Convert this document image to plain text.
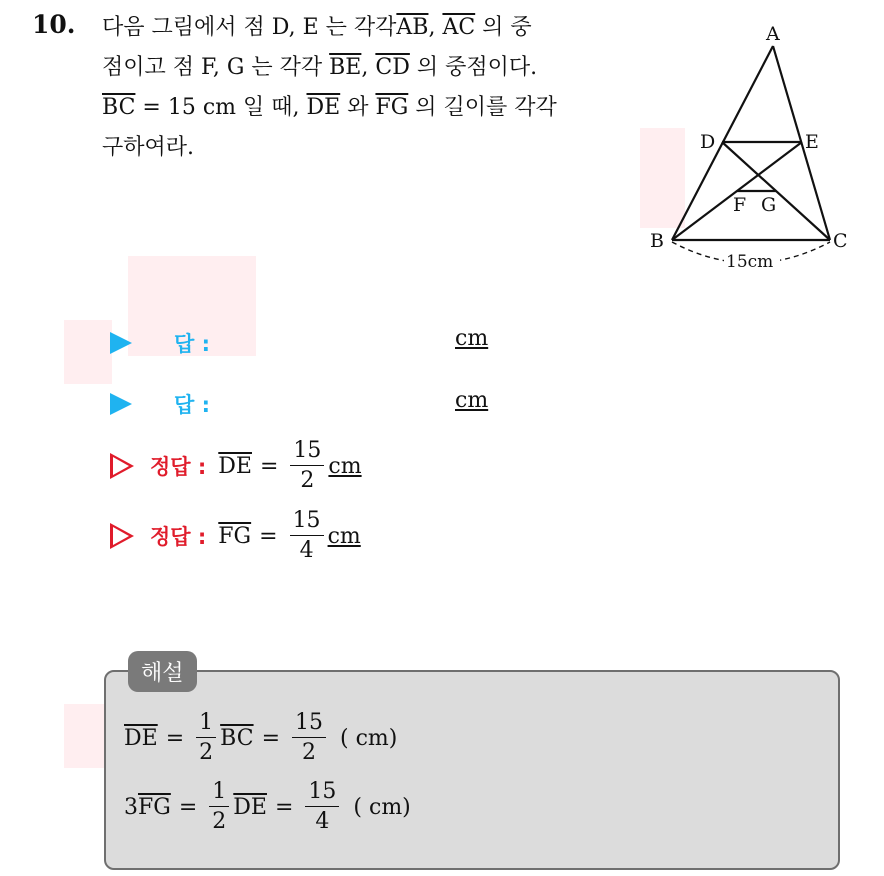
10. 다음 그림에서 점 D, E 는 각각$\overline{AB}$, $\overline{AC}$ 의 중
점이고 점 F, G 는 각각 $\overline{BE}$, $\overline{CD}$ 의 중점이다.
$\overline{BC} = 15$ cm 일 때, $\overline{DE}$ 와 $\overline{FG}$ 의 길이를 각각
구하여라.
A
D	E
F G
B	C
15cm
답 :	cm
답 :	cm
정답 : $\overline{DE} = \frac{15}{2}$ cm
정답 : $\overline{FG} = \frac{15}{4}$ cm
해설
$\overline{DE} = \frac{1}{2} \overline{BC} = \frac{15}{2}$ ( cm)
3 $\overline{FG} = \frac{1}{2} \overline{DE} = \frac{15}{4}$ ( cm)
